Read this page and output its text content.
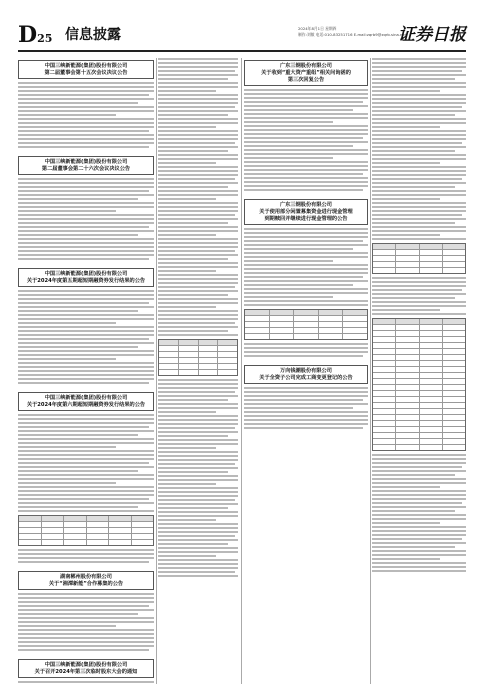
D25 信息披露	2024年8月1日 星期四
制作:刘敏 电话:010-83251716 E-mail:zqrb9@zqrb.sina.net
证券日报
中国三峡新能源(集团)股份有限公司
第二届董事会第十五次会议决议公告
中国三峡新能源(集团)股份有限公司
第二届董事会第二十六次会议决议公告
中国三峡新能源(集团)股份有限公司
关于2024年度第五期超短期融资券发行结果的公告
中国三峡新能源(集团)股份有限公司
关于2024年度第六期超短期融资券发行结果的公告
湖南郴州股份有限公司
关于“湘潭新能”合作募集的公告
中国三峡新能源(集团)股份有限公司
关于召开2024年第三次临时股东大会的通知
广东三钢股份有限公司
关于收到“重大资产重组”相关问询函的
第三次回复公告
广东三钢股份有限公司
关于使用部分闲置募集资金进行现金管理
到期赎回并继续进行现金管理的公告
万向钱潮股份有限公司
关于全资子公司完成工商变更登记的公告
